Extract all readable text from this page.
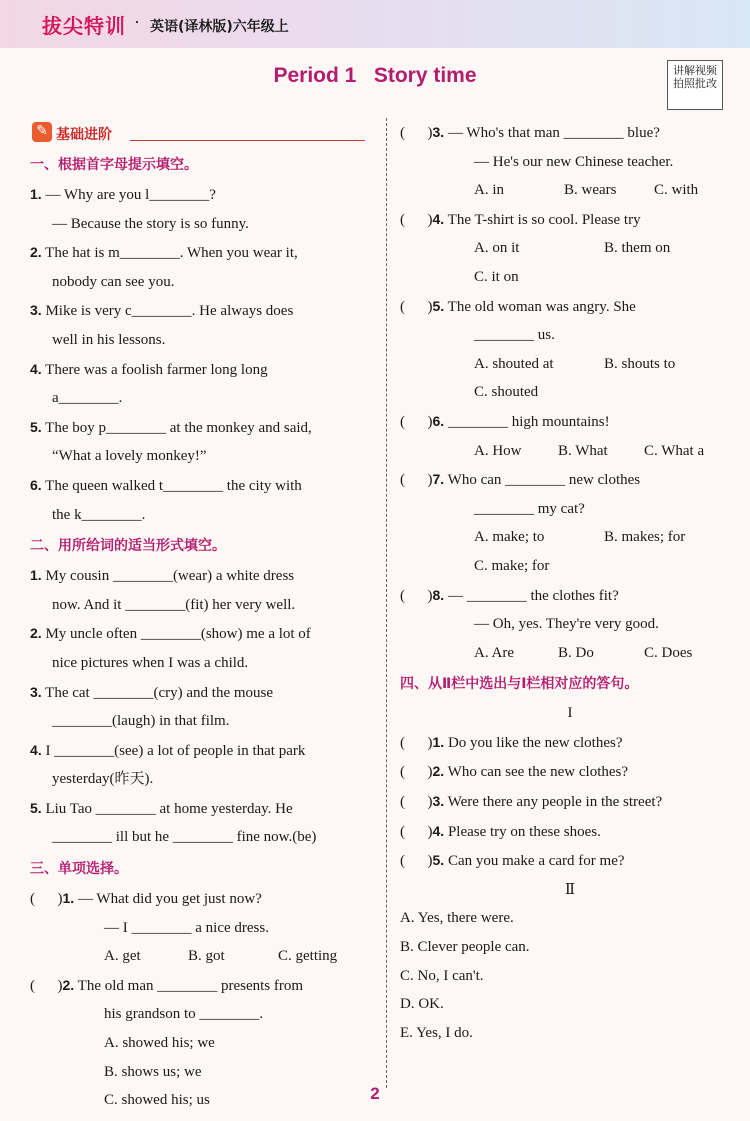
拔尖特训 · 英语(译林版)六年级上
Period 1   Story time	讲解视频 拍照批改
✎ 基础进阶
一、根据首字母提示填空。
1. — Why are you l________?
— Because the story is so funny.
2. The hat is m________. When you wear it,
nobody can see you.
3. Mike is very c________. He always does
well in his lessons.
4. There was a foolish farmer long long
a________.
5. The boy p________ at the monkey and said,
“What a lovely monkey!”
6. The queen walked t________ the city with
the k________.
二、用所给词的适当形式填空。
1. My cousin ________(wear) a white dress
now. And it ________(fit) her very well.
2. My uncle often ________(show) me a lot of
nice pictures when I was a child.
3. The cat ________(cry) and the mouse
________(laugh) in that film.
4. I ________(see) a lot of people in that park
yesterday(昨天).
5. Liu Tao ________ at home yesterday. He
________ ill but he ________ fine now.(be)
三、单项选择。
(      )1. — What did you get just now?
— I ________ a nice dress.
A. get	B. got	C. getting
(      )2. The old man ________ presents from
his grandson to ________.
A. showed his; we
B. shows us; we
C. showed his; us
(      )3. — Who's that man ________ blue?
— He's our new Chinese teacher.
A. in	B. wears	C. with
(      )4. The T-shirt is so cool. Please try
A. on it	B. them on
C. it on
(      )5. The old woman was angry. She
________ us.
A. shouted at	B. shouts to
C. shouted
(      )6. ________ high mountains!
A. How B. What C. What a
(      )7. Who can ________ new clothes
________ my cat?
A. make; to	B. makes; for
C. make; for
(      )8. — ________ the clothes fit?
— Oh, yes. They're very good.
A. Are	B. Do	C. Does
四、从Ⅱ栏中选出与Ⅰ栏相对应的答句。
I
(      )1. Do you like the new clothes?
(      )2. Who can see the new clothes?
(      )3. Were there any people in the street?
(      )4. Please try on these shoes.
(      )5. Can you make a card for me?
Ⅱ
A. Yes, there were.
B. Clever people can.
C. No, I can't.
D. OK.
E. Yes, I do.
2
